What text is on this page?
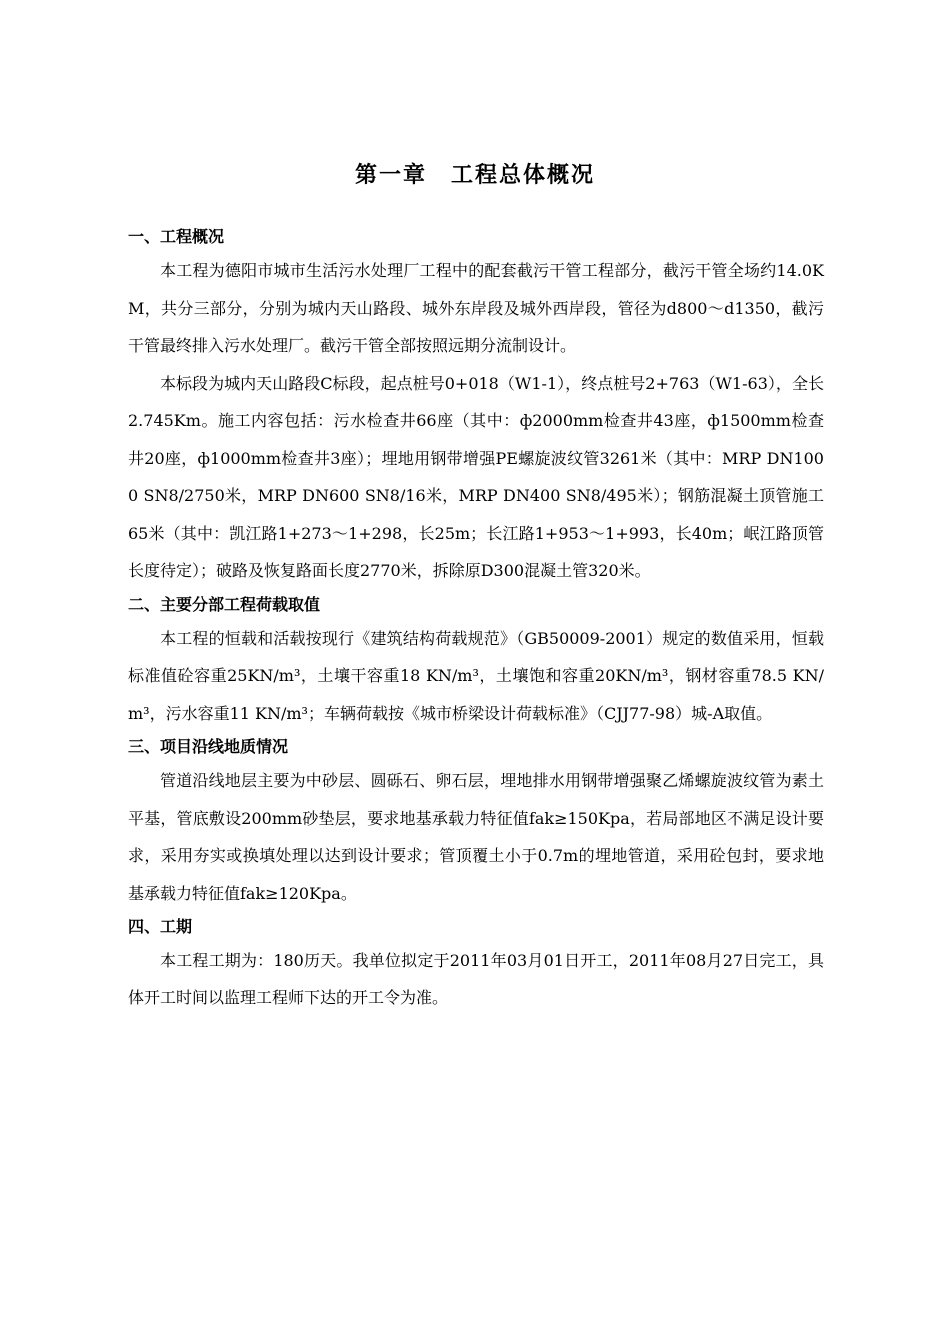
第一章　工程总体概况

一、工程概况

本工程为德阳市城市生活污水处理厂工程中的配套截污干管工程部分，截污干管全场约14.0KM，共分三部分，分别为城内天山路段、城外东岸段及城外西岸段，管径为d800～d1350，截污干管最终排入污水处理厂。截污干管全部按照远期分流制设计。

本标段为城内天山路段C标段，起点桩号0+018（W1-1），终点桩号2+763（W1-63），全长2.745Km。施工内容包括：污水检查井66座（其中：ф2000mm检查井43座，ф1500mm检查井20座，ф1000mm检查井3座）；埋地用钢带增强PE螺旋波纹管3261米（其中：MRP DN1000 SN8/2750米，MRP DN600 SN8/16米，MRP DN400 SN8/495米）；钢筋混凝土顶管施工65米（其中：凯江路1+273～1+298，长25m；长江路1+953～1+993，长40m；岷江路顶管长度待定）；破路及恢复路面长度2770米，拆除原D300混凝土管320米。

二、主要分部工程荷载取值

本工程的恒载和活载按现行《建筑结构荷载规范》（GB50009-2001）规定的数值采用，恒载标准值砼容重25KN/m³，土壤干容重18 KN/m³，土壤饱和容重20KN/m³，钢材容重78.5 KN/m³，污水容重11 KN/m³；车辆荷载按《城市桥梁设计荷载标准》（CJJ77-98）城-A取值。

三、项目沿线地质情况

管道沿线地层主要为中砂层、圆砾石、卵石层，埋地排水用钢带增强聚乙烯螺旋波纹管为素土平基，管底敷设200mm砂垫层，要求地基承载力特征值fak≥150Kpa，若局部地区不满足设计要求，采用夯实或换填处理以达到设计要求；管顶覆土小于0.7m的埋地管道，采用砼包封，要求地基承载力特征值fak≥120Kpa。

四、工期

本工程工期为：180历天。我单位拟定于2011年03月01日开工，2011年08月27日完工，具体开工时间以监理工程师下达的开工令为准。
